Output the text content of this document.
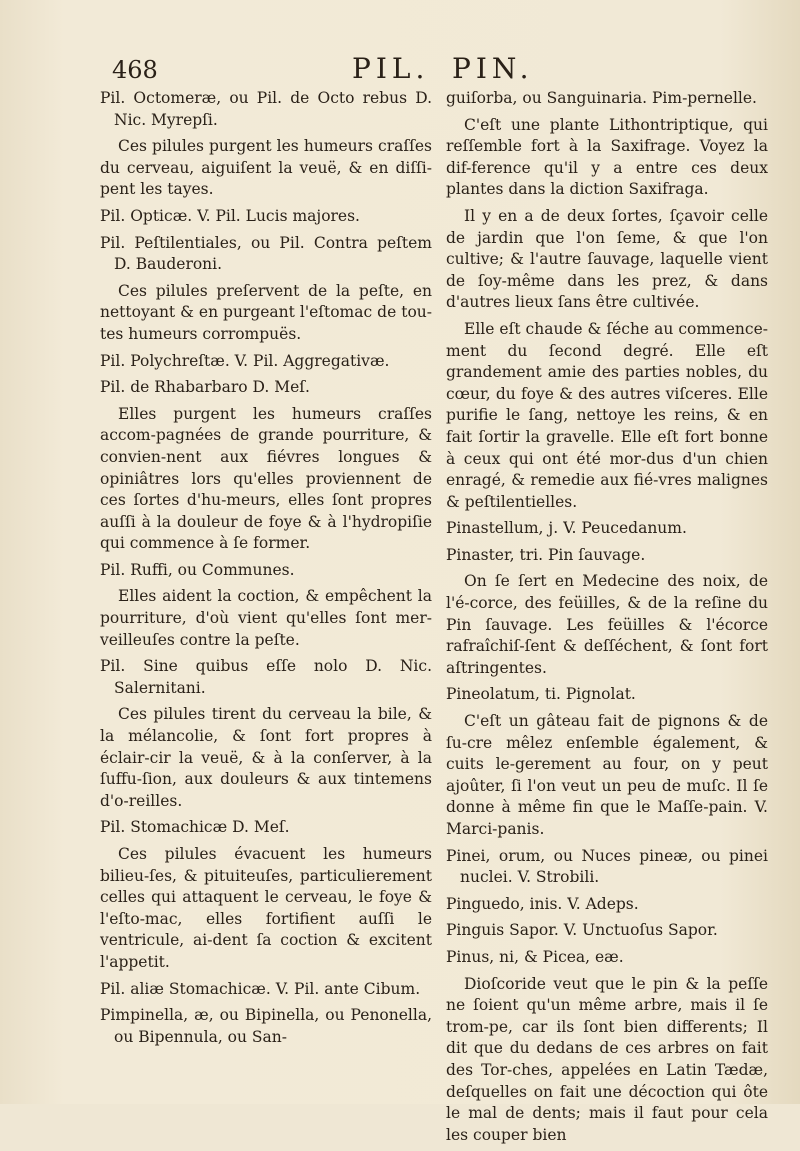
468	PIL. PIN.

Pil. Octomeræ, ou Pil. de Octo rebus D. Nic. Myrepſi.

Ces pilules purgent les humeurs craſſes du cerveau, aiguiſent la veuë, & en diſſi-pent les tayes.

Pil. Opticæ. V. Pil. Lucis majores.

Pil. Peſtilentiales, ou Pil. Contra peſtem D. Bauderoni.

Ces pilules preſervent de la peſte, en nettoyant & en purgeant l'eſtomac de tou-tes humeurs corrompuës.

Pil. Polychreſtæ. V. Pil. Aggregativæ.

Pil. de Rhabarbaro D. Meſ.

Elles purgent les humeurs craſſes accom-pagnées de grande pourriture, & convien-nent aux fiévres longues & opiniâtres lors qu'elles proviennent de ces ſortes d'hu-meurs, elles ſont propres auſſi à la douleur de foye & à l'hydropiſie qui commence à ſe former.

Pil. Ruffi, ou Communes.

Elles aident la coction, & empêchent la pourriture, d'où vient qu'elles ſont mer-veilleuſes contre la peſte.

Pil. Sine quibus eſſe nolo D. Nic. Salernitani.

Ces pilules tirent du cerveau la bile, & la mélancolie, & ſont fort propres à éclair-cir la veuë, & à la conſerver, à la ſuffu-ſion, aux douleurs & aux tintemens d'o-reilles.

Pil. Stomachicæ D. Meſ.

Ces pilules évacuent les humeurs bilieu-ſes, & pituiteuſes, particulierement celles qui attaquent le cerveau, le foye & l'eſto-mac, elles fortifient auſſi le ventricule, ai-dent ſa coction & excitent l'appetit.

Pil. aliæ Stomachicæ. V. Pil. ante Cibum.

Pimpinella, æ, ou Bipinella, ou Penonella, ou Bipennula, ou San-

guiſorba, ou Sanguinaria. Pim-pernelle.

C'eſt une plante Lithontriptique, qui reſſemble fort à la Saxifrage. Voyez la dif-ference qu'il y a entre ces deux plantes dans la diction Saxifraga.

Il y en a de deux ſortes, ſçavoir celle de jardin que l'on ſeme, & que l'on cultive; & l'autre ſauvage, laquelle vient de ſoy-même dans les prez, & dans d'autres lieux ſans être cultivée.

Elle eſt chaude & ſéche au commence-ment du ſecond degré. Elle eſt grandement amie des parties nobles, du cœur, du foye & des autres viſceres. Elle purifie le ſang, nettoye les reins, & en fait ſortir la gravelle. Elle eſt fort bonne à ceux qui ont été mor-dus d'un chien enragé, & remedie aux fié-vres malignes & peſtilentielles.

Pinastellum, j. V. Peucedanum.

Pinaster, tri. Pin ſauvage.

On ſe ſert en Medecine des noix, de l'é-corce, des feüilles, & de la reſine du Pin ſauvage. Les feüilles & l'écorce rafraîchiſ-ſent & deſſéchent, & ſont fort aſtringentes.

Pineolatum, ti. Pignolat.

C'eſt un gâteau fait de pignons & de ſu-cre mêlez enſemble également, & cuits le-gerement au four, on y peut ajoûter, ſi l'on veut un peu de muſc. Il ſe donne à même fin que le Maſſe-pain. V. Marci-panis.

Pinei, orum, ou Nuces pineæ, ou pinei nuclei. V. Strobili.

Pinguedo, inis. V. Adeps.

Pinguis Sapor. V. Unctuoſus Sapor.

Pinus, ni, & Picea, eæ.

Dioſcoride veut que le pin & la peſſe ne ſoient qu'un même arbre, mais il ſe trom-pe, car ils ſont bien differents; Il dit que du dedans de ces arbres on fait des Tor-ches, appelées en Latin Tædæ, deſquelles on fait une décoction qui ôte le mal de dents; mais il faut pour cela les couper bien
